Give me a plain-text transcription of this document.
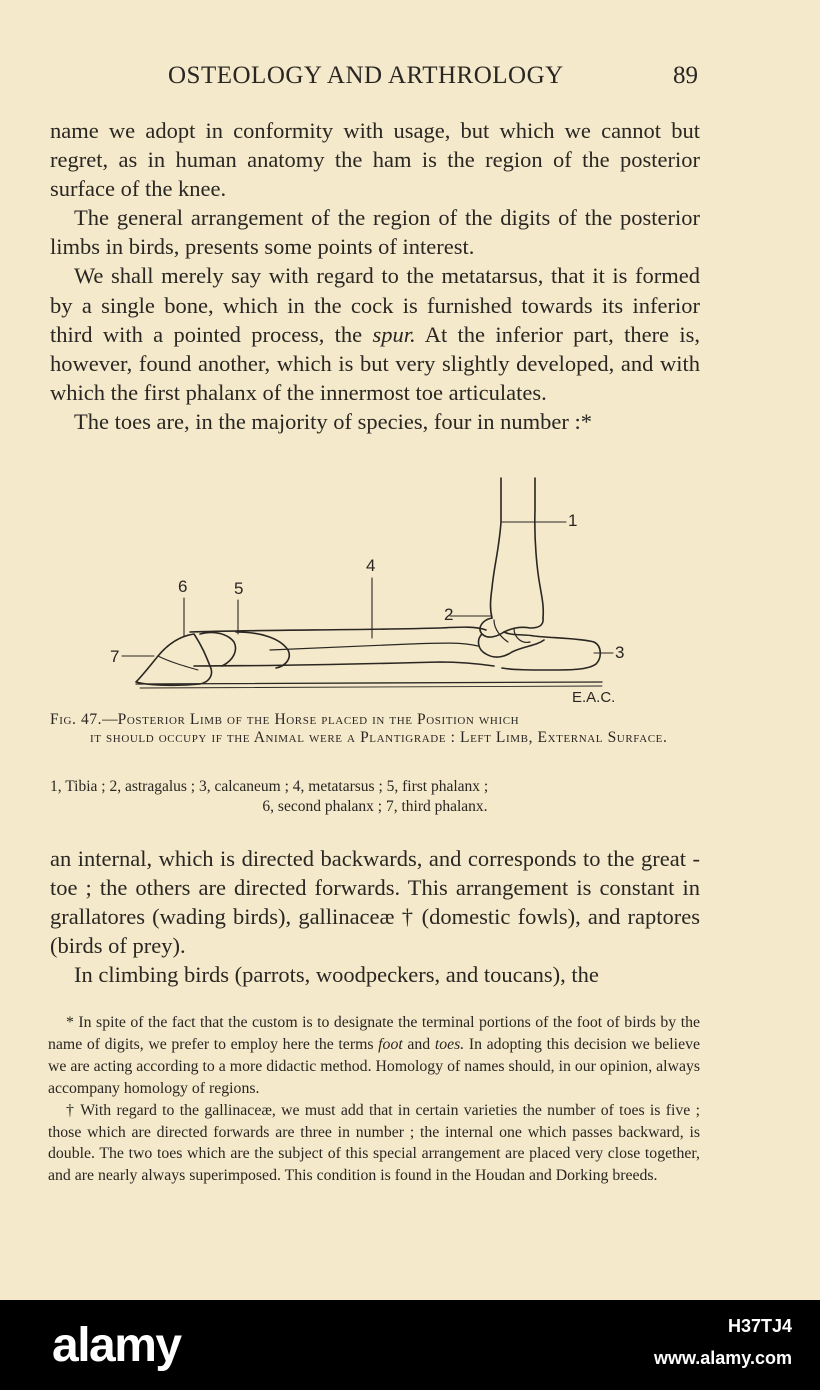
OSTEOLOGY AND ARTHROLOGY	89

name we adopt in conformity with usage, but which we cannot but regret, as in human anatomy the ham is the region of the posterior surface of the knee.

The general arrangement of the region of the digits of the posterior limbs in birds, presents some points of interest.

We shall merely say with regard to the metatarsus, that it is formed by a single bone, which in the cock is furnished towards its inferior third with a pointed process, the spur. At the inferior part, there is, however, found another, which is but very slightly developed, and with which the first phalanx of the innermost toe articulates.

The toes are, in the majority of species, four in number :*

1
2
3
4
5
6
7
E.A.C.
Fig. 47.—Posterior Limb of the Horse placed in the Position which
it should occupy if the Animal were a Plantigrade : Left Limb, External Surface.
1, Tibia ; 2, astragalus ; 3, calcaneum ; 4, metatarsus ; 5, first phalanx ;
6, second phalanx ; 7, third phalanx.

an internal, which is directed backwards, and corresponds to the great - toe ; the others are directed forwards. This arrangement is constant in grallatores (wading birds), gallinaceæ † (domestic fowls), and raptores (birds of prey).

In climbing birds (parrots, woodpeckers, and toucans), the

* In spite of the fact that the custom is to designate the terminal portions of the foot of birds by the name of digits, we prefer to employ here the terms foot and toes. In adopting this decision we believe we are acting according to a more didactic method. Homology of names should, in our opinion, always accompany homology of regions.

† With regard to the gallinaceæ, we must add that in certain varieties the number of toes is five ; those which are directed forwards are three in number ; the internal one which passes backward, is double. The two toes which are the subject of this special arrangement are placed very close together, and are nearly always superimposed. This condition is found in the Houdan and Dorking breeds.

alamy	H37TJ4
www.alamy.com
